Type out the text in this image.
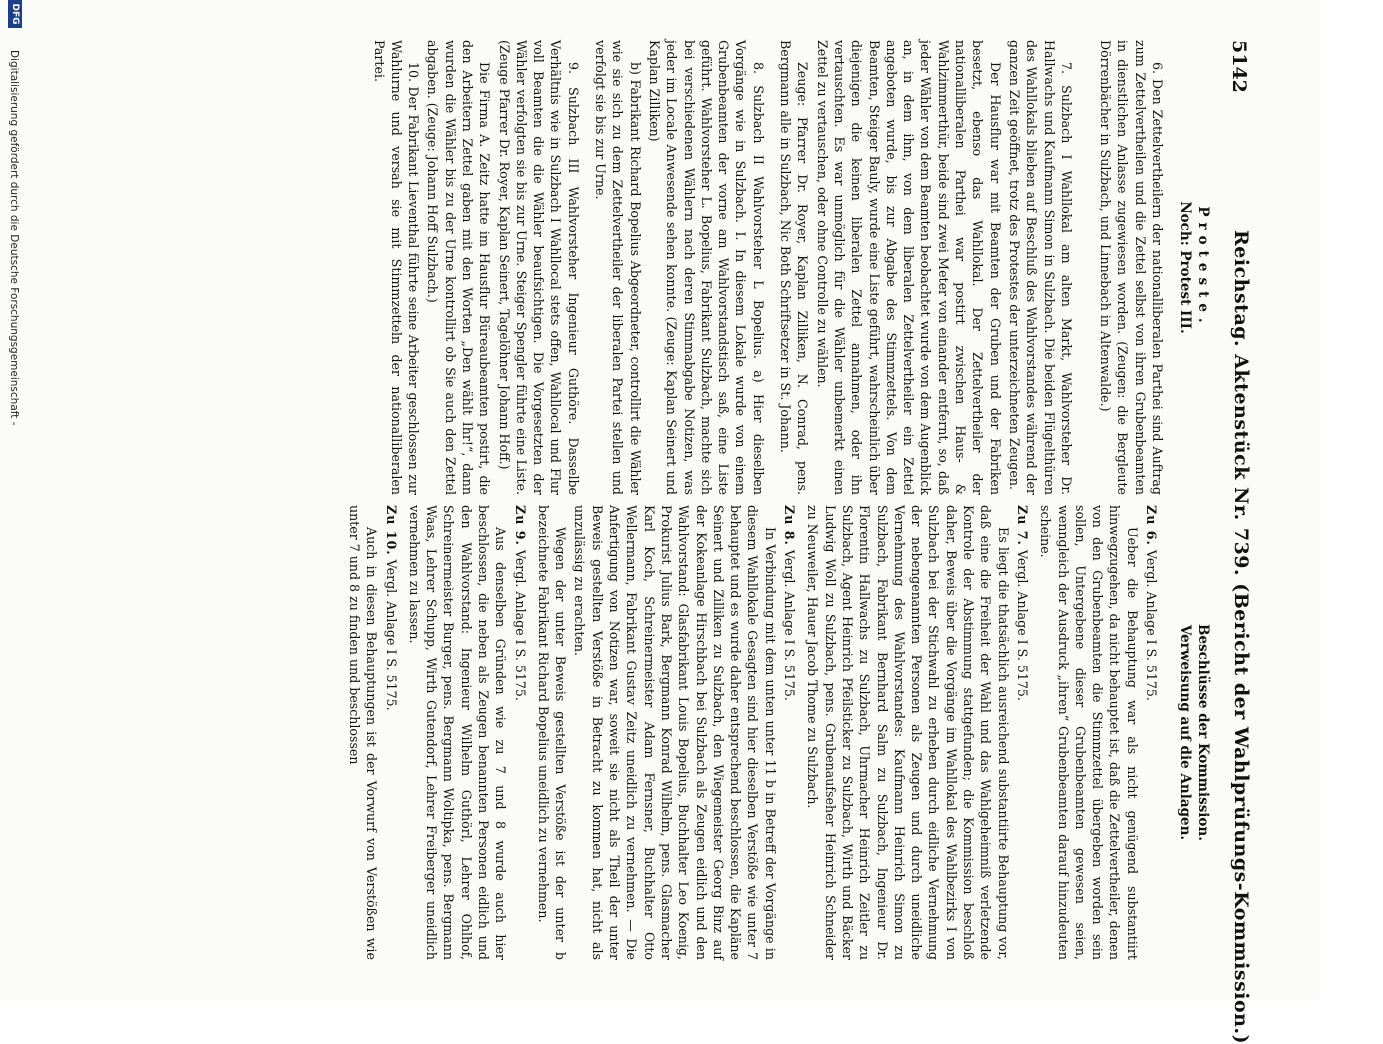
5142
Reichstag. Aktenstück Nr. 739. (Bericht der Wahlprüfungs-Kommission.)
Proteste.
Noch: Protest III.

6. Den Zettelvertheilern der nationalliberalen Parthei sind Auftrag zum Zettelvertheilen und die Zettel selbst von ihren Grubenbeamten in dienstlichen Anlasse zugewiesen worden. (Zeugen: die Bergleute Dörrenbächer in Sulzbach, und Linnebach in Altenwalde.)

7. Sulzbach I Wahllokal am alten Markt, Wahlvorsteher Dr. Hallwachs und Kaufmann Simon in Sulzbach. Die beiden Flügelthüren des Wahllokals blieben auf Beschluß des Wahlvorstandes während der ganzen Zeit geöffnet, trotz des Protestes der unterzeichneten Zeugen.

Der Hausflur war mit Beamten der Gruben und der Fabriken besetzt, ebenso das Wahllokal. Der Zettelvertheiler der nationalliberalen Parthei war postirt zwischen Haus- & Wahlzimmerthür, beide sind zwei Meter von einander entfernt, so, daß jeder Wähler von dem Beamten beobachtet wurde von dem Augenblick an, in dem ihm, von dem liberalen Zettelvertheiler ein Zettel angeboten wurde, bis zur Abgabe des Stimmzettels. Von dem Beamten, Steiger Bauly, wurde eine Liste geführt, wahrscheinlich über diejenigen die keinen liberalen Zettel annahmen, oder ihn vertauschten. Es war unmöglich für die Wähler unbemerkt einen Zettel zu vertauschen, oder ohne Controlle zu wählen.

Zeuge: Pfarrer Dr. Royer, Kaplan Zilliken, N. Conrad, pens. Bergmann alle in Sulzbach, Nic Both Schriftsetzer in St. Johann.

8. Sulzbach II Wahlvorsteher L Bopelius. a) Hier dieselben Vorgänge wie in Sulzbach. I. In diesem Lokale wurde von einem Grubenbeamten der vorne am Wahlvorstandstisch saß, eine Liste geführt. Wahlvorsteher L. Bopelius, Fabrikant Sulzbach, machte sich bei verschiedenen Wählern nach deren Stimmabgabe Notizen, was jeder im Locale Anwesende sehen konnte. (Zeuge: Kaplan Seinert und Kaplan Zilliken)

b) Fabrikant Richard Bopelius Abgeordneter, controllirt die Wähler wie sie sich zu dem Zettelvertheiler der liberalen Partei stellen und verfolgt sie bis zur Urne.

9. Sulzbach III Wahlvorsteher Ingenieur Guthöre. Dasselbe Verhältnis wie in Sulzbach I Wahllocal stets offen, Wahllocal und Flur voll Beamten die die Wähler beaufsichtigen. Die Vorgesetzten der Wähler verfolgten sie bis zur Urne. Steiger Spengler führte eine Liste. (Zeuge Pfarrer Dr. Royer, Kaplan Seinert, Tagelöhner Johann Hoff.)

Die Firma A. Zeitz hatte im Hausflur Büreaubeamten postirt, die den Arbeitern Zettel gaben mit den Worten „Den wählt Ihr!“, dann wurden die Wähler bis zu der Urne kontrollirt ob Sie auch den Zettel abgaben. (Zeuge: Johann Hoff Sulzbach.)

10. Der Fabrikant Lieventhal führte seine Arbeiter geschlossen zur Wahlurne und versah sie mit Stimmzetteln der nationalliberalen Partei.

Beschlüsse der Kommission.
Verweisung auf die Anlagen.

Zu 6. Vergl. Anlage I S. 5175.

Ueber die Behauptung war als nicht genügend substantiirt hinwegzugehen, da nicht behauptet ist, daß die Zettelvertheiler, denen von den Grubenbeamten die Stimmzettel übergeben worden sein sollen, Untergebene dieser Grubenbeamten gewesen seien, wenngleich der Ausdruck „ihren“ Grubenbeamten darauf hinzudeuten scheine.

Zu 7. Vergl. Anlage I S. 5175.

Es liegt die thatsächlich ausreichend substantiirte Behauptung vor, daß eine die Freiheit der Wahl und das Wahlgeheimniß verletzende Kontrole der Abstimmung stattgefunden; die Kommission beschloß daher, Beweis über die Vorgänge im Wahllokal des Wahlbezirks I von Sulzbach bei der Stichwahl zu erheben durch eidliche Vernehmung der nebengenannten Personen als Zeugen und durch uneidliche Vernehmung des Wahlvorstandes: Kaufmann Heinrich Simon zu Sulzbach, Fabrikant Bernhard Salm zu Sulzbach, Ingenieur Dr. Florentin Hallwachs zu Sulzbach, Uhrmacher Heinrich Zeitler zu Sulzbach, Agent Heinrich Pfeilsticker zu Sulzbach, Wirth und Bäcker Ludwig Woll zu Sulzbach, pens. Grubenaufseher Heinrich Schneider zu Neuweiler, Hauer Jacob Thome zu Sulzbach.

Zu 8. Vergl. Anlage I S. 5175.

In Verbindung mit dem unten unter 11 b in Betreff der Vorgänge in diesem Wahllokale Gesagten sind hier dieselben Verstöße wie unter 7 behauptet und es wurde daher entsprechend beschlossen, die Kapläne Seinert und Zilliken zu Sulzbach, den Wiegemeister Georg Binz auf der Kokeanlage Hirschbach bei Sulzbach als Zeugen eidlich und den Wahlvorstand: Glasfabrikant Louis Bopelius, Buchhalter Leo Koenig, Prokurist Julius Bark, Bergmann Konrad Wilhelm, pens. Glasmacher Karl Koch, Schreinermeister Adam Fernsner, Buchhalter Otto Wellermann, Fabrikant Gustav Zeitz uneidlich zu vernehmen. — Die Anfertigung von Notizen war, soweit sie nicht als Theil der unter Beweis gestellten Verstöße in Betracht zu kommen hat, nicht als unzulässig zu erachten.

Wegen der unter Beweis gestellten Verstöße ist der unter b bezeichnete Fabrikant Richard Bopelius uneidlich zu vernehmen.

Zu 9. Vergl. Anlage I S. 5175.

Aus denselben Gründen wie zu 7 und 8 wurde auch hier beschlossen, die neben als Zeugen benannten Personen eidlich und den Wahlvorstand: Ingenieur Wilhelm Guthörl, Lehrer Ohlhof, Schreinermeister Burger, pens. Bergmann Woltipka, pens. Bergmann Waas, Lehrer Schupp, Wirth Gutendorf, Lehrer Freiberger uneidlich vernehmen zu lassen.

Zu 10. Vergl. Anlage I S. 5175.

Auch in diesen Behauptungen ist der Vorwurf von Verstößen wie unter 7 und 8 zu finden und beschlossen

DFG
Digitalisierung gefördert durch die Deutsche Forschungsgemeinschaft -
